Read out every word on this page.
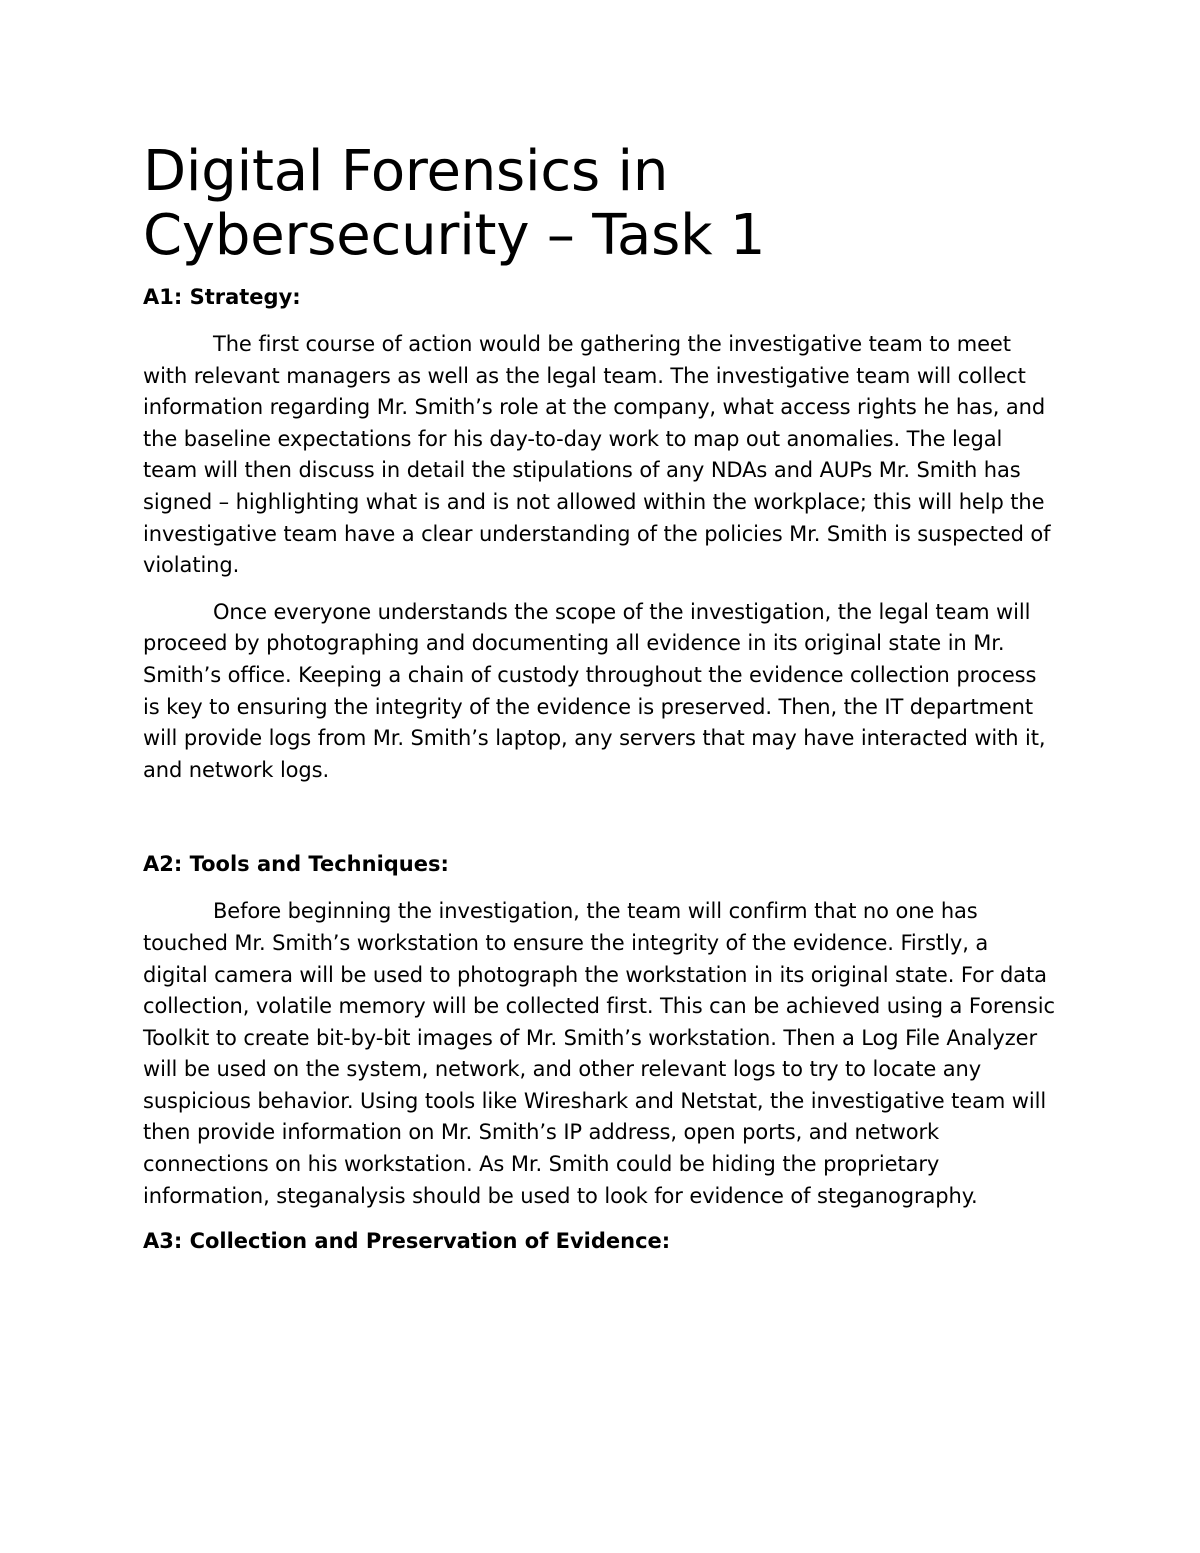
Digital Forensics in Cybersecurity – Task 1
A1: Strategy:

The first course of action would be gathering the investigative team to meet with relevant managers as well as the legal team. The investigative team will collect information regarding Mr. Smith’s role at the company, what access rights he has, and the baseline expectations for his day-to-day work to map out anomalies. The legal team will then discuss in detail the stipulations of any NDAs and AUPs Mr. Smith has signed – highlighting what is and is not allowed within the workplace; this will help the investigative team have a clear understanding of the policies Mr. Smith is suspected of violating.

Once everyone understands the scope of the investigation, the legal team will proceed by photographing and documenting all evidence in its original state in Mr. Smith’s office. Keeping a chain of custody throughout the evidence collection process is key to ensuring the integrity of the evidence is preserved. Then, the IT department will provide logs from Mr. Smith’s laptop, any servers that may have interacted with it, and network logs.

A2: Tools and Techniques:

Before beginning the investigation, the team will confirm that no one has touched Mr. Smith’s workstation to ensure the integrity of the evidence. Firstly, a digital camera will be used to photograph the workstation in its original state. For data collection, volatile memory will be collected first. This can be achieved using a Forensic Toolkit to create bit-by-bit images of Mr. Smith’s workstation. Then a Log File Analyzer will be used on the system, network, and other relevant logs to try to locate any suspicious behavior. Using tools like Wireshark and Netstat, the investigative team will then provide information on Mr. Smith’s IP address, open ports, and network connections on his workstation. As Mr. Smith could be hiding the proprietary information, steganalysis should be used to look for evidence of steganography.

A3: Collection and Preservation of Evidence:
